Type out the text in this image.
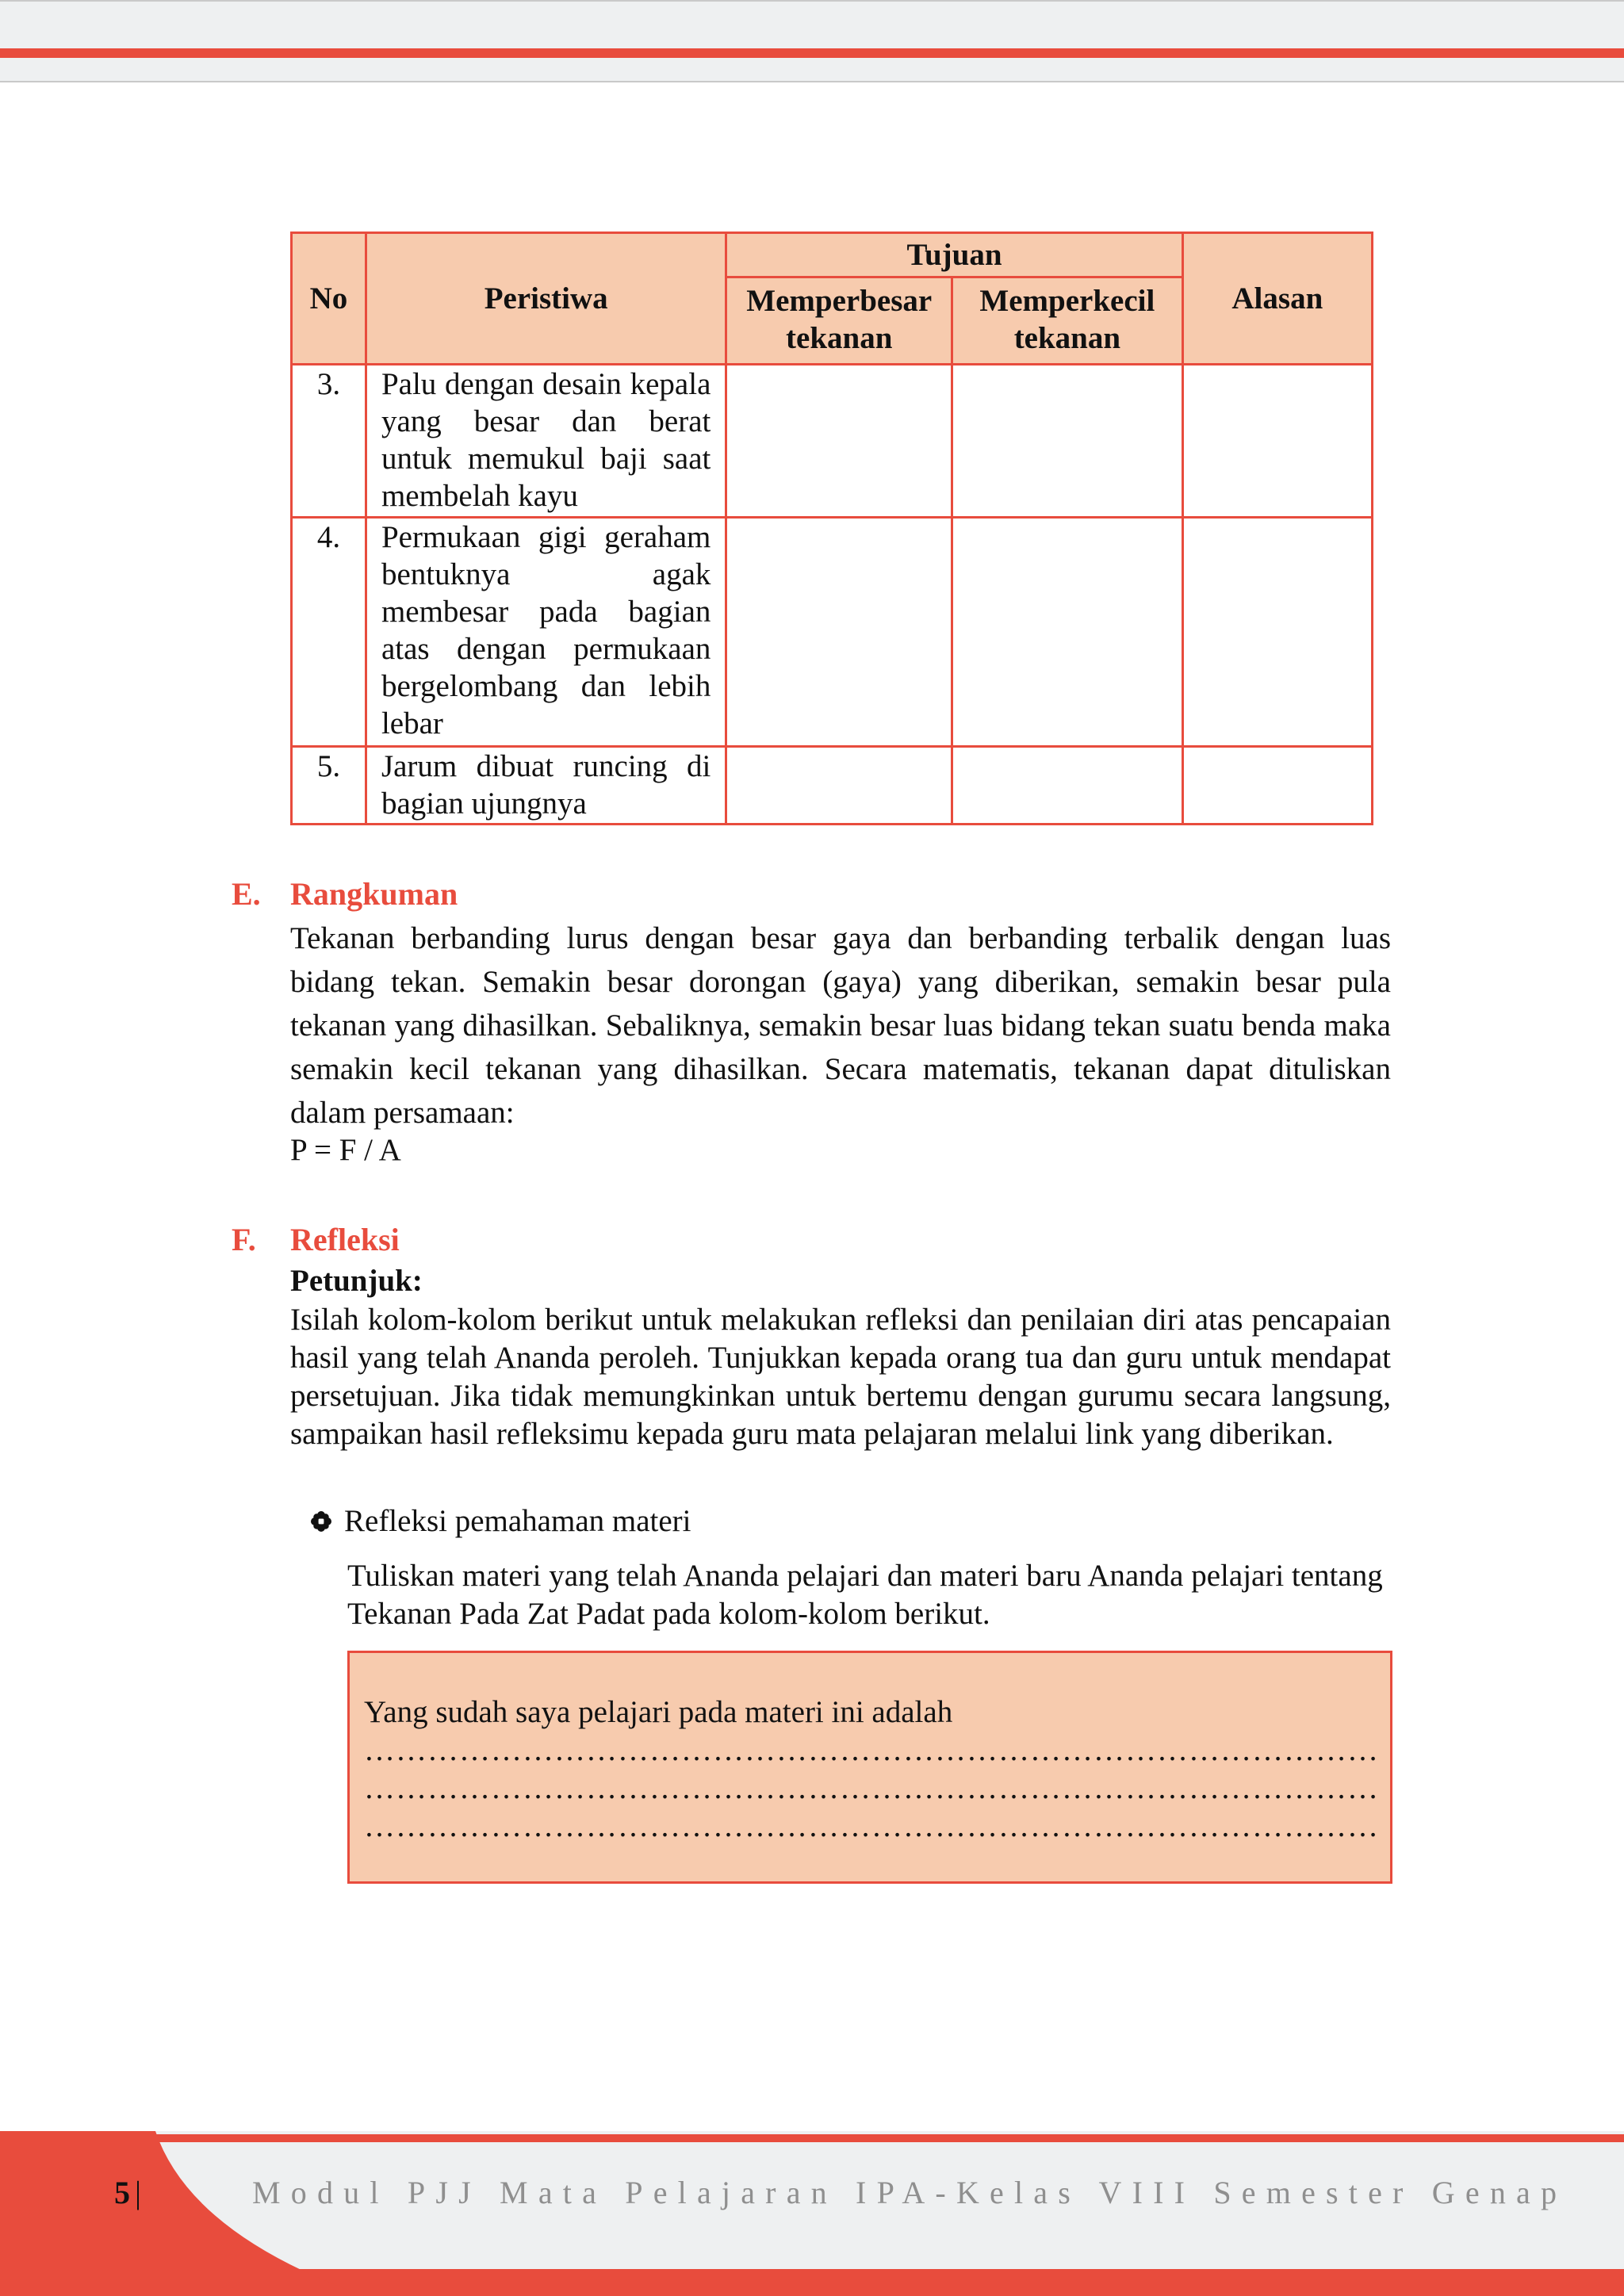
No	Peristiwa	Tujuan		Alasan
		Memperbesar tekanan	Memperkecil tekanan	
3.	Palu dengan desain kepala yang besar dan berat untuk memukul baji saat membelah kayu			
4.	Permukaan gigi geraham bentuknya agak membesar pada bagian atas dengan permukaan bergelombang dan lebih lebar			
5.	Jarum dibuat runcing di bagian ujungnya			
E. Rangkuman
Tekanan berbanding lurus dengan besar gaya dan berbanding terbalik dengan luas bidang tekan. Semakin besar dorongan (gaya) yang diberikan, semakin besar pula tekanan yang dihasilkan. Sebaliknya, semakin besar luas bidang tekan suatu benda maka semakin kecil tekanan yang dihasilkan. Secara matematis, tekanan dapat dituliskan dalam persamaan:
P = F / A
F. Refleksi
Petunjuk:
Isilah kolom-kolom berikut untuk melakukan refleksi dan penilaian diri atas pencapaian hasil yang telah Ananda peroleh. Tunjukkan kepada orang tua dan guru untuk mendapat persetujuan. Jika tidak memungkinkan untuk bertemu dengan gurumu secara langsung, sampaikan hasil refleksimu kepada guru mata pelajaran melalui link yang diberikan.
Refleksi pemahaman materi
Tuliskan materi yang telah Ananda pelajari dan materi baru Ananda pelajari tentang Tekanan Pada Zat Padat pada kolom-kolom berikut.
Yang sudah saya pelajari pada materi ini adalah
……………………………………………………………………………………
……………………………………………………………………………………
……………………………………………………………………………………
5 |	Modul PJJ Mata Pelajaran IPA-Kelas VIII Semester Genap
